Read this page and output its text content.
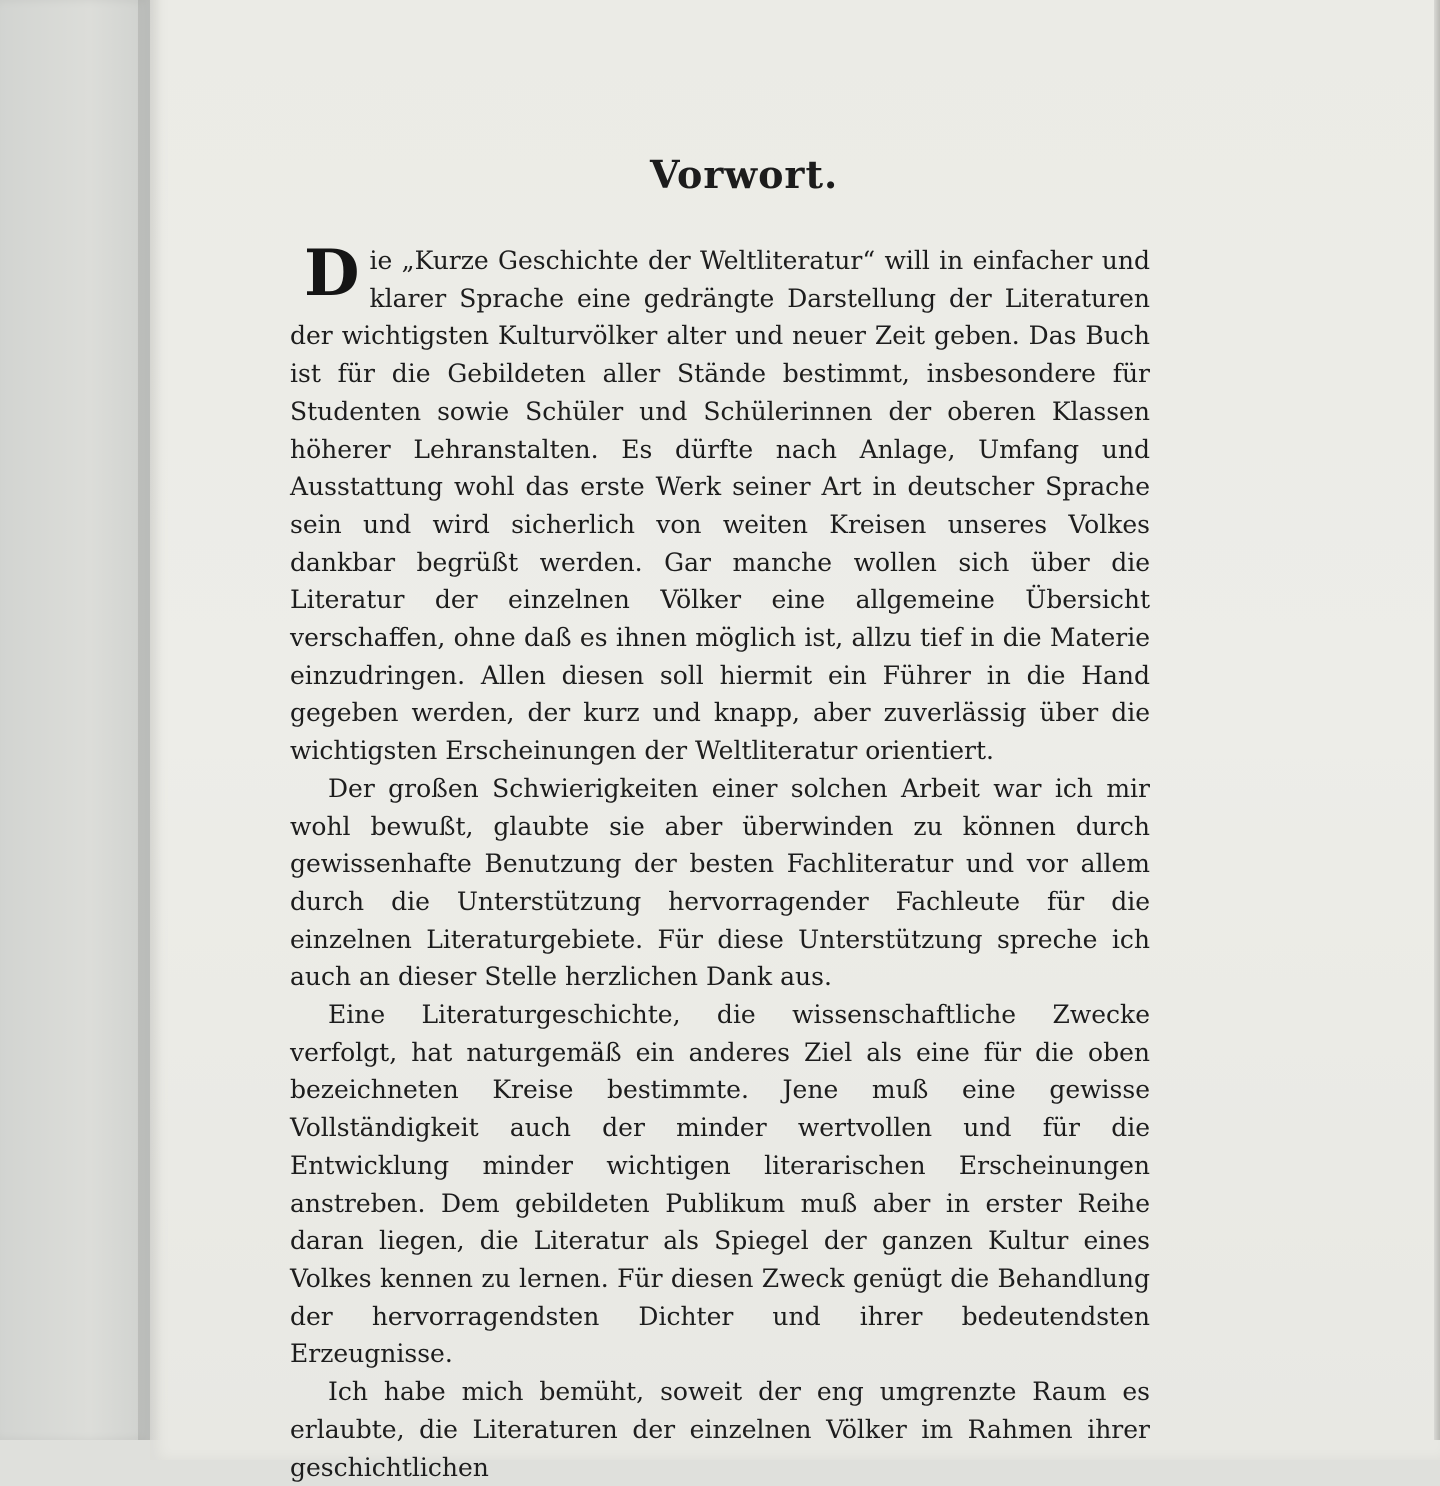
Vorwort.

Die „Kurze Geschichte der Weltliteratur“ will in einfacher und klarer Sprache eine gedrängte Darstellung der Literaturen der wichtigsten Kulturvölker alter und neuer Zeit geben. Das Buch ist für die Gebildeten aller Stände bestimmt, insbesondere für Studenten sowie Schüler und Schülerinnen der oberen Klassen höherer Lehranstalten. Es dürfte nach Anlage, Umfang und Ausstattung wohl das erste Werk seiner Art in deutscher Sprache sein und wird sicherlich von weiten Kreisen unseres Volkes dankbar begrüßt werden. Gar manche wollen sich über die Literatur der einzelnen Völker eine allgemeine Übersicht verschaffen, ohne daß es ihnen möglich ist, allzu tief in die Materie einzudringen. Allen diesen soll hiermit ein Führer in die Hand gegeben werden, der kurz und knapp, aber zuverlässig über die wichtigsten Erscheinungen der Weltliteratur orientiert.

Der großen Schwierigkeiten einer solchen Arbeit war ich mir wohl bewußt, glaubte sie aber überwinden zu können durch gewissenhafte Benutzung der besten Fachliteratur und vor allem durch die Unterstützung hervorragender Fachleute für die einzelnen Literaturgebiete. Für diese Unterstützung spreche ich auch an dieser Stelle herzlichen Dank aus.

Eine Literaturgeschichte, die wissenschaftliche Zwecke verfolgt, hat naturgemäß ein anderes Ziel als eine für die oben bezeichneten Kreise bestimmte. Jene muß eine gewisse Vollständigkeit auch der minder wertvollen und für die Entwicklung minder wichtigen literarischen Erscheinungen anstreben. Dem gebildeten Publikum muß aber in erster Reihe daran liegen, die Literatur als Spiegel der ganzen Kultur eines Volkes kennen zu lernen. Für diesen Zweck genügt die Behandlung der hervorragendsten Dichter und ihrer bedeutendsten Erzeugnisse.

Ich habe mich bemüht, soweit der eng umgrenzte Raum es erlaubte, die Literaturen der einzelnen Völker im Rahmen ihrer geschichtlichen
